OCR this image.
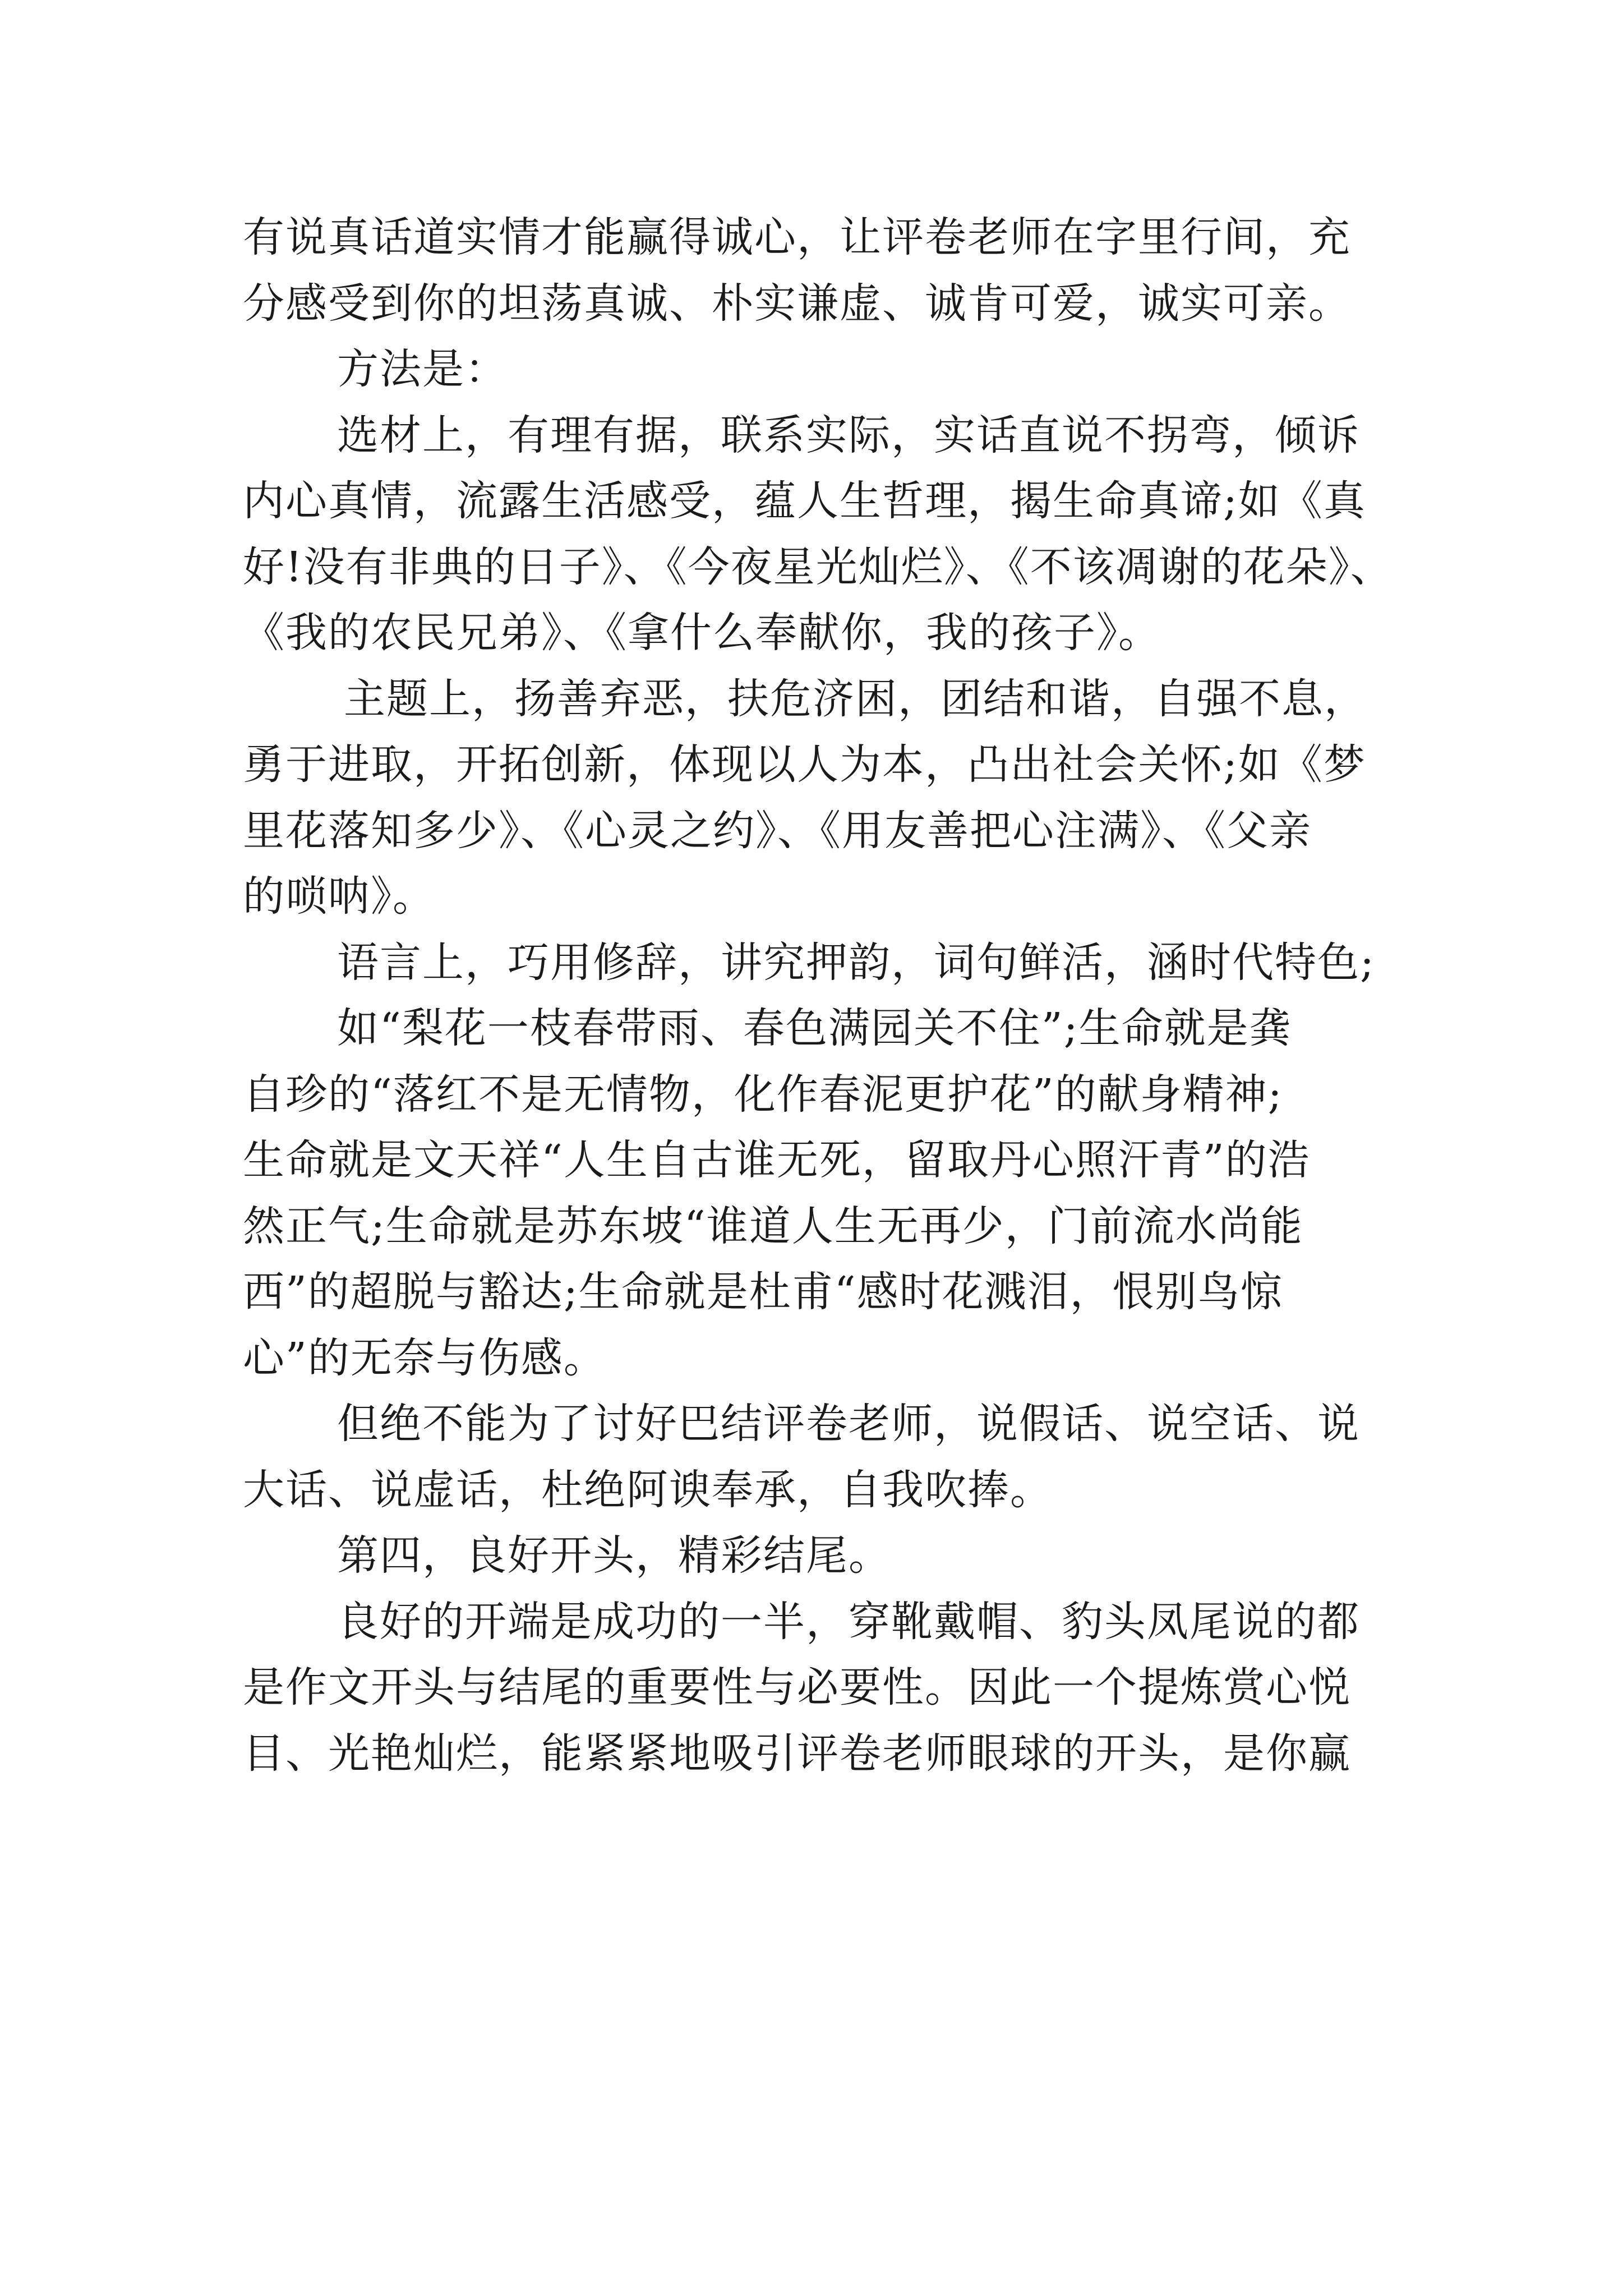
有说真话道实情才能赢得诚心，让评卷老师在字里行间，充
分感受到你的坦荡真诚、朴实谦虚、诚肯可爱，诚实可亲。
方法是：
选材上，有理有据，联系实际，实话直说不拐弯，倾诉
内心真情，流露生活感受，蕴人生哲理，揭生命真谛;如《真
好!没有非典的日子》、《今夜星光灿烂》、《不该凋谢的花朵》、
《我的农民兄弟》、《拿什么奉献你，我的孩子》。
主题上，扬善弃恶，扶危济困，团结和谐，自强不息，
勇于进取，开拓创新，体现以人为本，凸出社会关怀;如《梦
里花落知多少》、《心灵之约》、《用友善把心注满》、《父亲
的唢呐》。
语言上，巧用修辞，讲究押韵，词句鲜活，涵时代特色;
如“梨花一枝春带雨、春色满园关不住”;生命就是龚
自珍的“落红不是无情物，化作春泥更护花”的献身精神;
生命就是文天祥“人生自古谁无死，留取丹心照汗青”的浩
然正气;生命就是苏东坡“谁道人生无再少，门前流水尚能
西”的超脱与豁达;生命就是杜甫“感时花溅泪，恨别鸟惊
心”的无奈与伤感。
但绝不能为了讨好巴结评卷老师，说假话、说空话、说
大话、说虚话，杜绝阿谀奉承，自我吹捧。
第四，良好开头，精彩结尾。
良好的开端是成功的一半，穿靴戴帽、豹头凤尾说的都
是作文开头与结尾的重要性与必要性。因此一个提炼赏心悦
目、光艳灿烂，能紧紧地吸引评卷老师眼球的开头，是你赢
